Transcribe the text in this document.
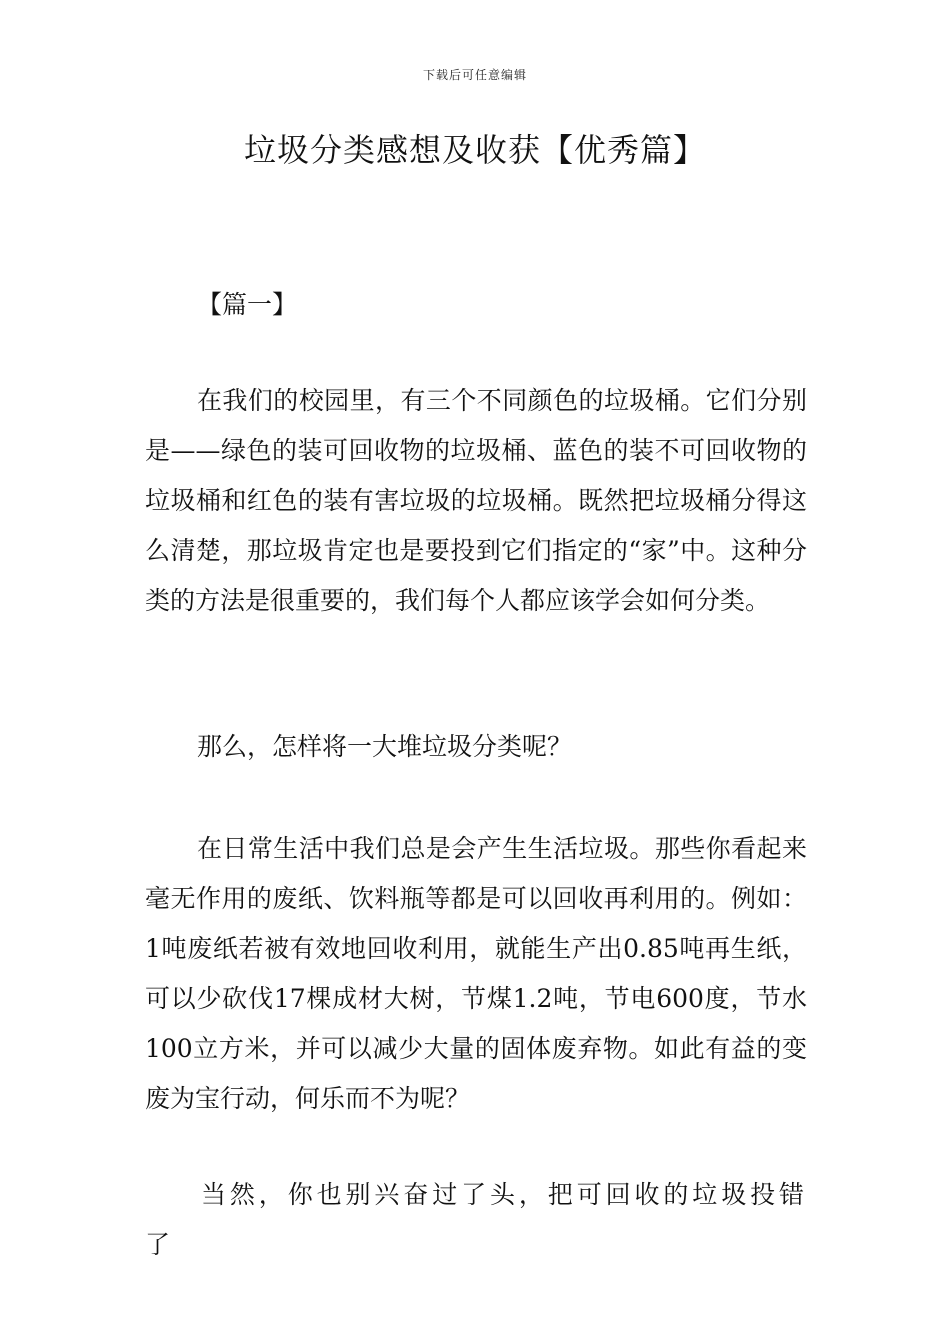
下载后可任意编辑
垃圾分类感想及收获【优秀篇】

【篇一】

在我们的校园里，有三个不同颜色的垃圾桶。它们分别是——绿色的装可回收物的垃圾桶、蓝色的装不可回收物的垃圾桶和红色的装有害垃圾的垃圾桶。既然把垃圾桶分得这么清楚，那垃圾肯定也是要投到它们指定的“家”中。这种分类的方法是很重要的，我们每个人都应该学会如何分类。

那么，怎样将一大堆垃圾分类呢？

在日常生活中我们总是会产生生活垃圾。那些你看起来毫无作用的废纸、饮料瓶等都是可以回收再利用的。例如：1吨废纸若被有效地回收利用，就能生产出0.85吨再生纸，可以少砍伐17棵成材大树，节煤1.2吨，节电600度，节水100立方米，并可以减少大量的固体废弃物。如此有益的变废为宝行动，何乐而不为呢？

当然，你也别兴奋过了头，把可回收的垃圾投错了
